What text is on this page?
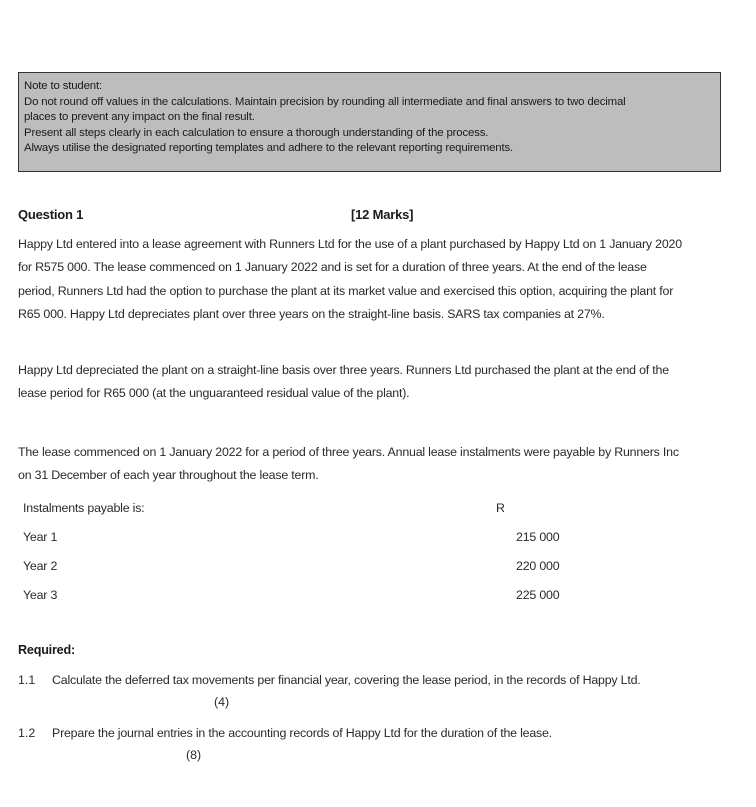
Note to student:
Do not round off values in the calculations. Maintain precision by rounding all intermediate and final answers to two decimal
places to prevent any impact on the final result.
Present all steps clearly in each calculation to ensure a thorough understanding of the process.
Always utilise the designated reporting templates and adhere to the relevant reporting requirements.
Question 1	[12 Marks]
Happy Ltd entered into a lease agreement with Runners Ltd for the use of a plant purchased by Happy Ltd on 1 January 2020
for R575 000. The lease commenced on 1 January 2022 and is set for a duration of three years. At the end of the lease
period, Runners Ltd had the option to purchase the plant at its market value and exercised this option, acquiring the plant for
R65 000. Happy Ltd depreciates plant over three years on the straight-line basis. SARS tax companies at 27%.
Happy Ltd depreciated the plant on a straight-line basis over three years. Runners Ltd purchased the plant at the end of the
lease period for R65 000 (at the unguaranteed residual value of the plant).
The lease commenced on 1 January 2022 for a period of three years. Annual lease instalments were payable by Runners Inc
on 31 December of each year throughout the lease term.
Instalments payable is:	R
Year 1	215 000
Year 2	220 000
Year 3	225 000
Required:
1.1 Calculate the deferred tax movements per financial year, covering the lease period, in the records of Happy Ltd.
(4)
1.2 Prepare the journal entries in the accounting records of Happy Ltd for the duration of the lease.
(8)
